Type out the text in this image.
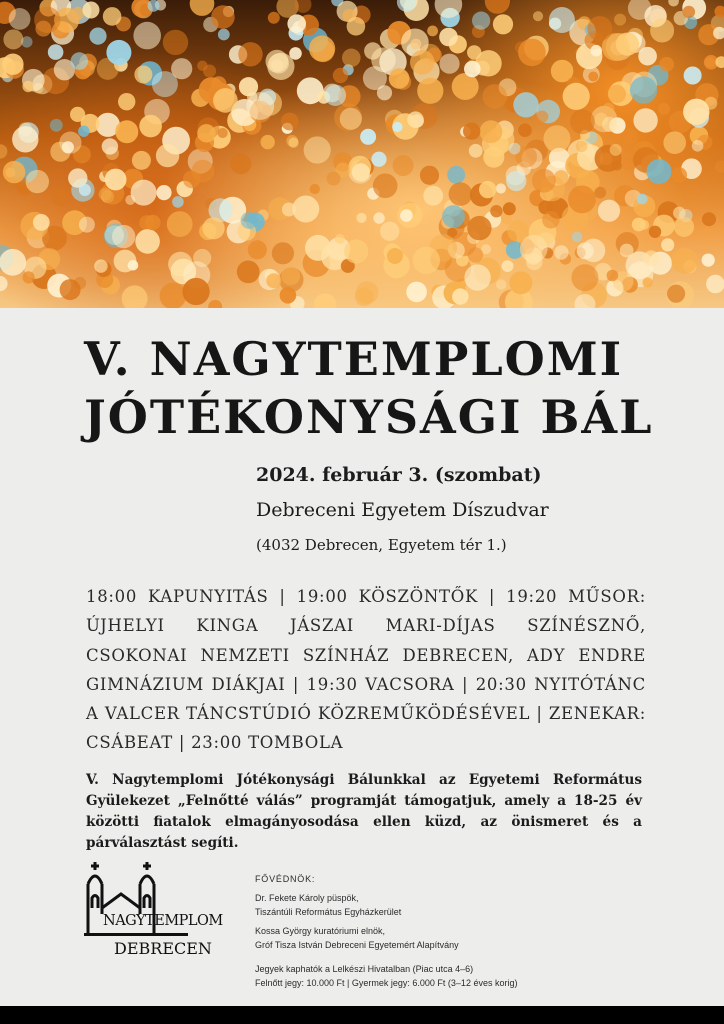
V. NAGYTEMPLOMI
JÓTÉKONYSÁGI BÁL
2024. február 3. (szombat)
Debreceni Egyetem Díszudvar
(4032 Debrecen, Egyetem tér 1.)

18:00 KAPUNYITÁS | 19:00 KÖSZÖNTŐK | 19:20 MŰSOR: ÚJHELYI KINGA JÁSZAI MARI-DÍJAS SZÍNÉSZNŐ, CSOKONAI NEMZETI SZÍNHÁZ DEBRECEN, ADY ENDRE GIMNÁZIUM DIÁKJAI | 19:30 VACSORA | 20:30 NYITÓTÁNC A VALCER TÁNCSTÚDIÓ KÖZREMŰKÖDÉSÉVEL | ZENEKAR: CSÁBEAT | 23:00 TOMBOLA

V. Nagytemplomi Jótékonysági Bálunkkal az Egyetemi Református Gyülekezet „Felnőtté válás” programját támogatjuk, amely a 18-25 év közötti fiatalok elmagányosodása ellen küzd, az önismeret és a párválasztást segíti.

NAGYTEMPLOM
DEBRECEN
FŐVÉDNÖK:
Dr. Fekete Károly püspök,
Tiszántúli Református Egyházkerület
Kossa György kuratóriumi elnök,
Gróf Tisza István Debreceni Egyetemért Alapítvány
Jegyek kaphatók a Lelkészi Hivatalban (Piac utca 4–6)
Felnőtt jegy: 10.000 Ft | Gyermek jegy: 6.000 Ft (3–12 éves korig)
